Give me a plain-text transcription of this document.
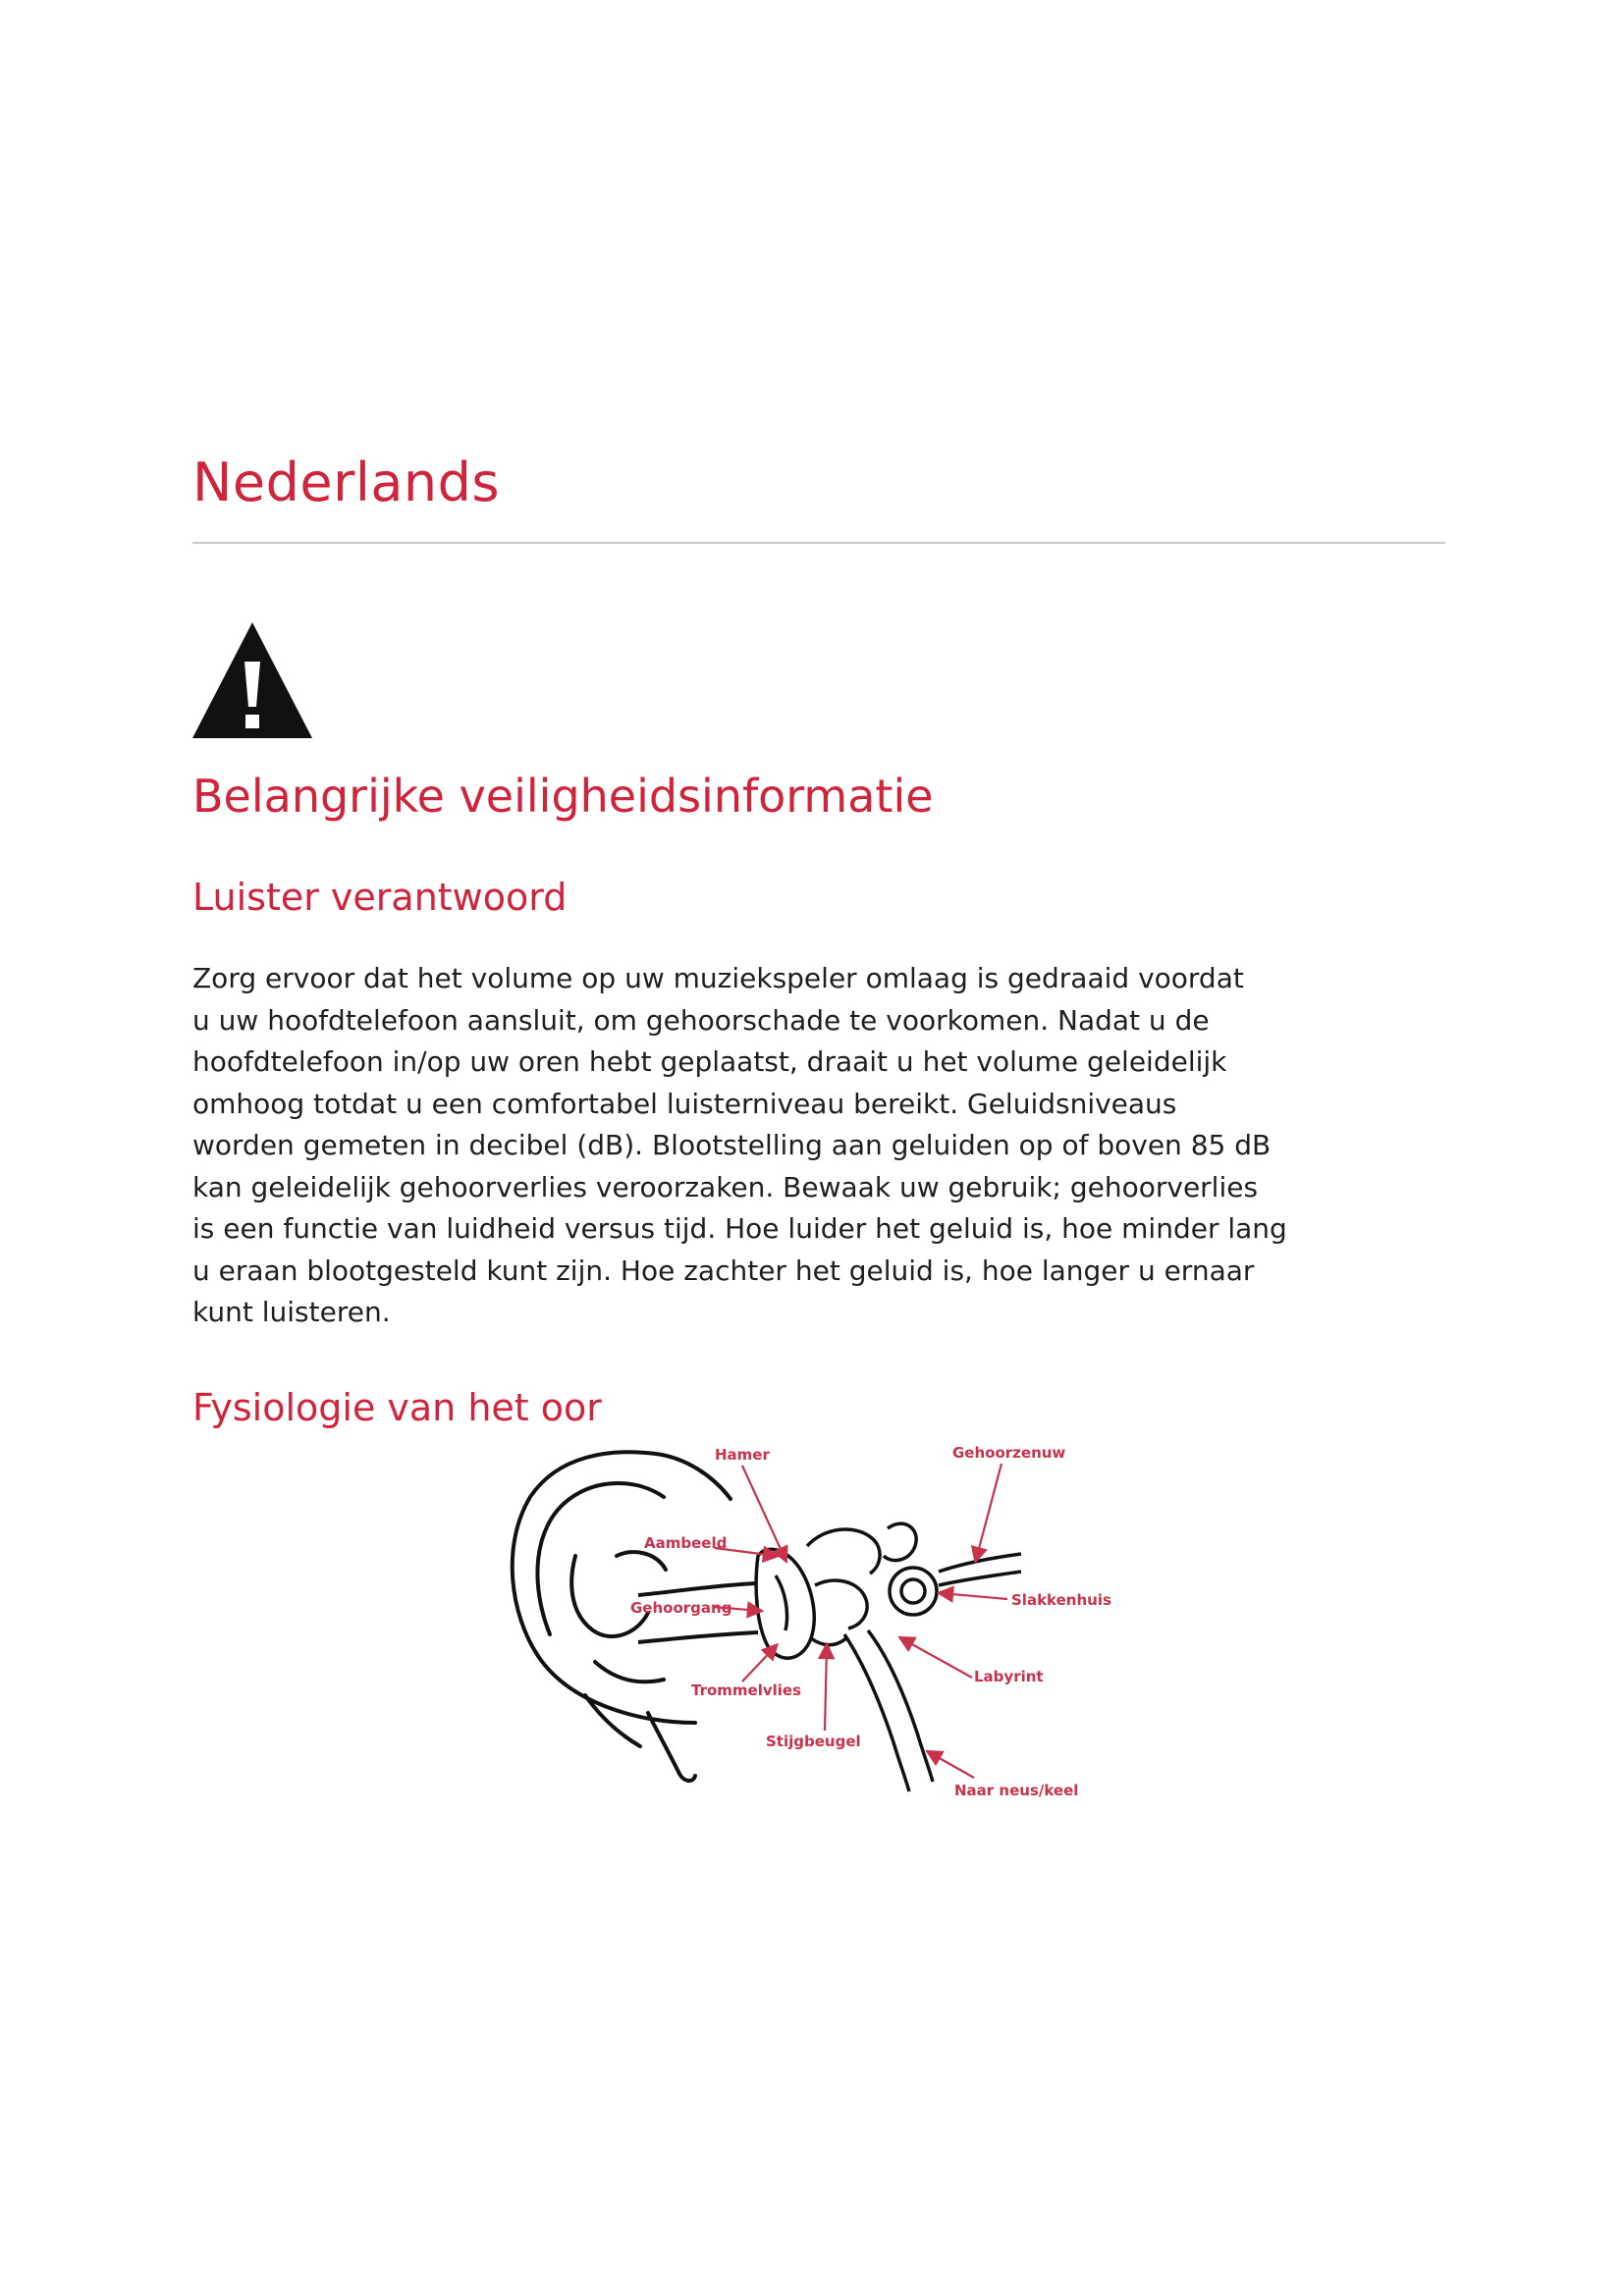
Nederlands
Belangrijke veiligheidsinformatie
Luister verantwoord

Zorg ervoor dat het volume op uw muziekspeler omlaag is gedraaid voordat
u uw hoofdtelefoon aansluit, om gehoorschade te voorkomen. Nadat u de
hoofdtelefoon in/op uw oren hebt geplaatst, draait u het volume geleidelijk
omhoog totdat u een comfortabel luisterniveau bereikt. Geluidsniveaus
worden gemeten in decibel (dB). Blootstelling aan geluiden op of boven 85 dB
kan geleidelijk gehoorverlies veroorzaken. Bewaak uw gebruik; gehoorverlies
is een functie van luidheid versus tijd. Hoe luider het geluid is, hoe minder lang
u eraan blootgesteld kunt zijn. Hoe zachter het geluid is, hoe langer u ernaar
kunt luisteren.

Fysiologie van het oor
Hamer	Gehoorzenuw
Aambeeld
Slakkenhuis
Gehoorgang
Labyrint
Trommelvlies
Stijgbeugel
Naar neus/keel
